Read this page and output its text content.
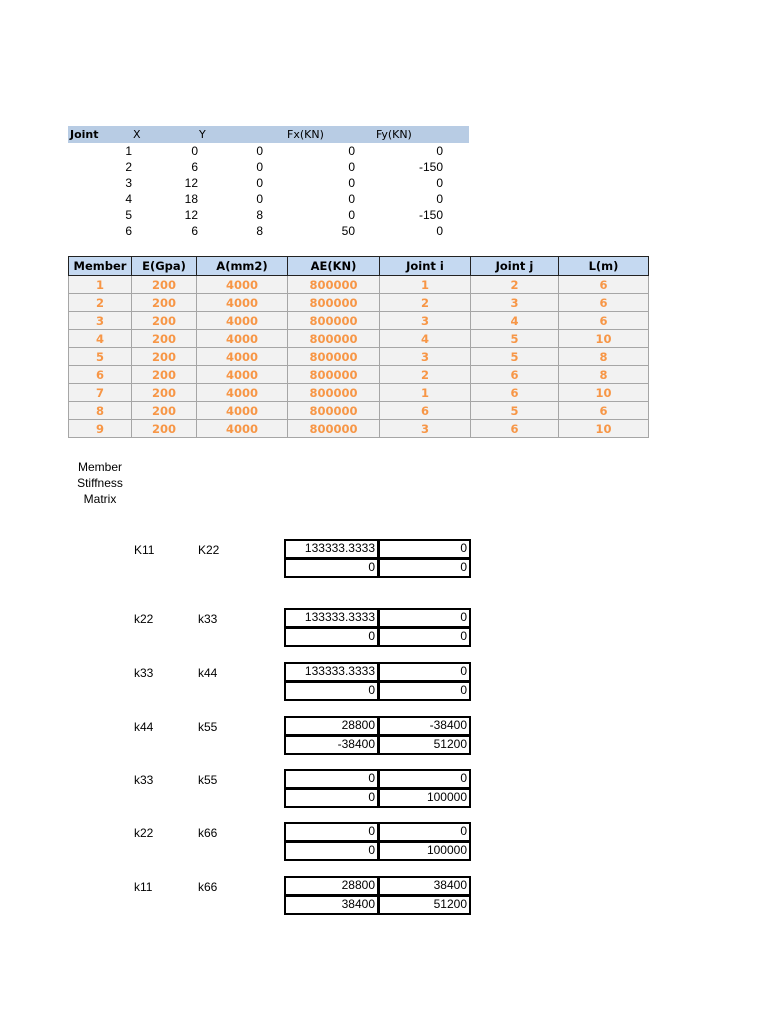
Joint	X	Y	Fx(KN)	Fy(KN)
1	0	0	0	0
2	6	0	0	-150
3	12	0	0	0
4	18	0	0	0
5	12	8	0	-150
6	6	8	50	0
Member	E(Gpa)	A(mm2)	AE(KN)	Joint i	Joint j	L(m)
1	200	4000	800000	1	2	6
2	200	4000	800000	2	3	6
3	200	4000	800000	3	4	6
4	200	4000	800000	4	5	10
5	200	4000	800000	3	5	8
6	200	4000	800000	2	6	8
7	200	4000	800000	1	6	10
8	200	4000	800000	6	5	6
9	200	4000	800000	3	6	10
Member
Stiffness
Matrix
K11	K22	133333.3333	0
0	0
k22	k33	133333.3333	0
0	0
k33	k44	133333.3333	0
0	0
k44	k55	28800	-38400
-38400	51200
k33	k55	0	0
0	100000
k22	k66	0	0
0	100000
k11	k66	28800	38400
38400	51200
